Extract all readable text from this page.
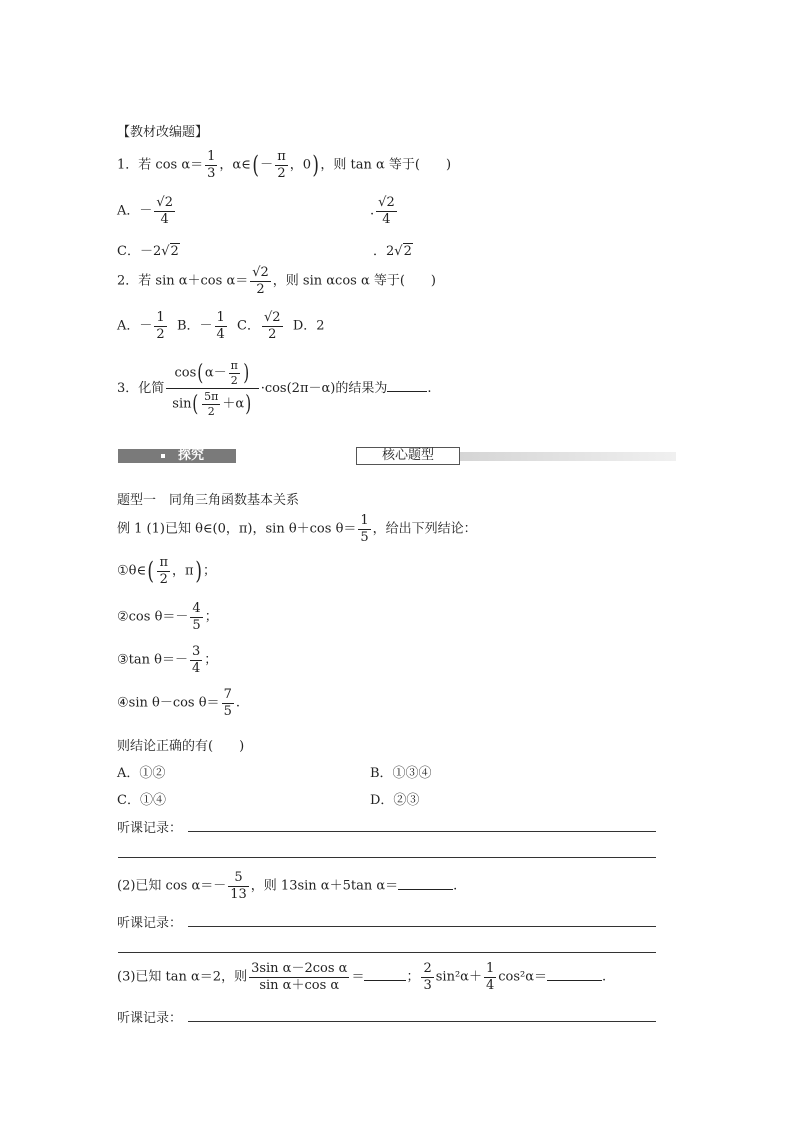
【教材改编题】
1．若 $\cos \alpha= \frac{1}{3}$ ，α∈(－ $\frac{\pi}{2}$ ，0)，则 tan α 等于(　　)
A．－ $\frac{√2}{4}$	. $\frac{√2}{4}$
C．－2√2	．2√2
2．若 sin α＋cos $\alpha= \frac{√2}{2}$ ，则 sin αcos α 等于(　　)
A．－ $\frac{1}{2}$ B．－ $\frac{1}{4}$ C． $\frac{√2}{2}$ D．2
3．化简 $\frac{\cos(\alpha- \frac{\pi}{2} )}{\sin( \frac{5\pi}{2} +\alpha)} \cdot\cos(2\pi-\alpha)$的结果为	.
探究	核心题型
题型一　同角三角函数基本关系
例 1 (1)已知 θ∈(0，π)，sin θ＋cos $\theta= \frac{1}{5}$ ，给出下列结论：
①θ∈( $\frac{\pi}{2}$ ，π)；
②cos $\theta=- \frac{4}{5}$ ；
③tan $\theta=- \frac{3}{4}$ ；
④sin θ－cos $\theta= \frac{7}{5}$ .
则结论正确的有(　　)
A．①②	B．①③④
C．①④	D．②③
听课记录：
(2)已知 $\cos \alpha=- \frac{5}{13}$ ，则 13sin α＋5tan α＝	.
听课记录：
(3)已知 tan α＝2，则 $\frac{\text{3sin α－2cos α}}{\text{sin α＋cos α}}$ ＝	； $\frac{2}{3} \sin^2\alpha+ \frac{1}{4} \cos^2\alpha=$	.
听课记录：
